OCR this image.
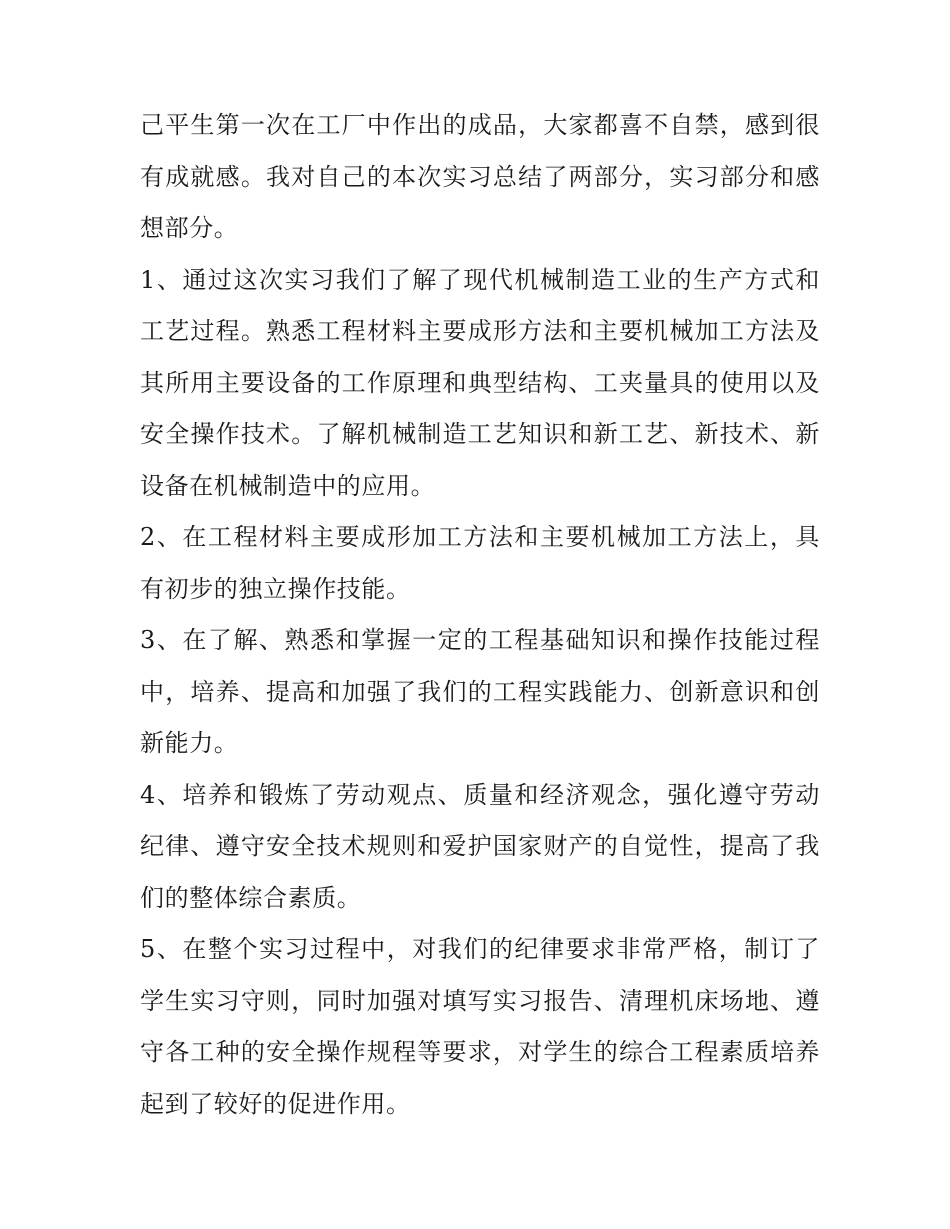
己平生第一次在工厂中作出的成品，大家都喜不自禁，感到很有成就感。我对自己的本次实习总结了两部分，实习部分和感想部分。

1、通过这次实习我们了解了现代机械制造工业的生产方式和工艺过程。熟悉工程材料主要成形方法和主要机械加工方法及其所用主要设备的工作原理和典型结构、工夹量具的使用以及安全操作技术。了解机械制造工艺知识和新工艺、新技术、新设备在机械制造中的应用。

2、在工程材料主要成形加工方法和主要机械加工方法上，具有初步的独立操作技能。

3、在了解、熟悉和掌握一定的工程基础知识和操作技能过程中，培养、提高和加强了我们的工程实践能力、创新意识和创新能力。

4、培养和锻炼了劳动观点、质量和经济观念，强化遵守劳动纪律、遵守安全技术规则和爱护国家财产的自觉性，提高了我们的整体综合素质。

5、在整个实习过程中，对我们的纪律要求非常严格，制订了学生实习守则，同时加强对填写实习报告、清理机床场地、遵守各工种的安全操作规程等要求，对学生的综合工程素质培养起到了较好的促进作用。
